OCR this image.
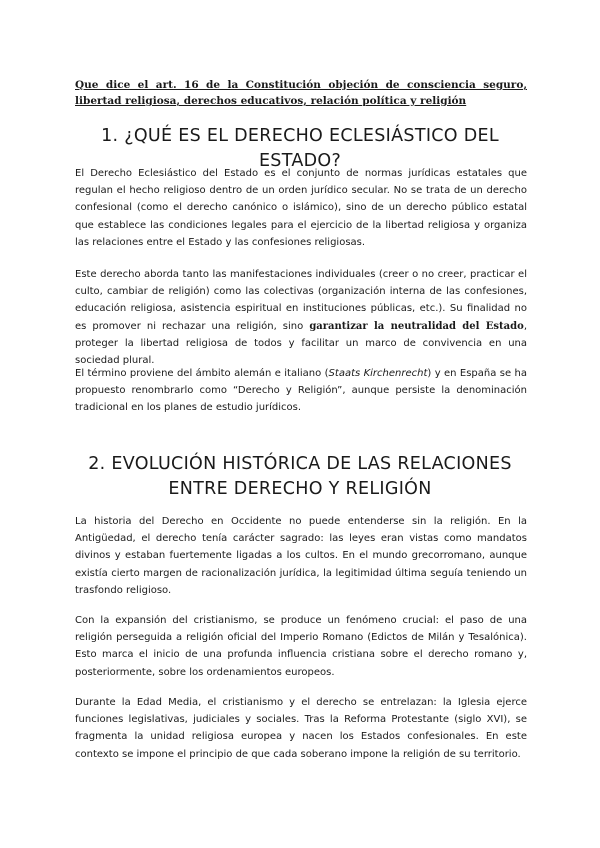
Que dice el art. 16 de la Constitución objeción de consciencia seguro, libertad religiosa, derechos educativos, relación política y religión
1. ¿QUÉ ES EL DERECHO ECLESIÁSTICO DEL ESTADO?

El Derecho Eclesiástico del Estado es el conjunto de normas jurídicas estatales que regulan el hecho religioso dentro de un orden jurídico secular. No se trata de un derecho confesional (como el derecho canónico o islámico), sino de un derecho público estatal que establece las condiciones legales para el ejercicio de la libertad religiosa y organiza las relaciones entre el Estado y las confesiones religiosas.

Este derecho aborda tanto las manifestaciones individuales (creer o no creer, practicar el culto, cambiar de religión) como las colectivas (organización interna de las confesiones, educación religiosa, asistencia espiritual en instituciones públicas, etc.). Su finalidad no es promover ni rechazar una religión, sino garantizar la neutralidad del Estado, proteger la libertad religiosa de todos y facilitar un marco de convivencia en una sociedad plural.

El término proviene del ámbito alemán e italiano (Staats Kirchenrecht) y en España se ha propuesto renombrarlo como “Derecho y Religión”, aunque persiste la denominación tradicional en los planes de estudio jurídicos.

2. EVOLUCIÓN HISTÓRICA DE LAS RELACIONES ENTRE DERECHO Y RELIGIÓN

La historia del Derecho en Occidente no puede entenderse sin la religión. En la Antigüedad, el derecho tenía carácter sagrado: las leyes eran vistas como mandatos divinos y estaban fuertemente ligadas a los cultos. En el mundo grecorromano, aunque existía cierto margen de racionalización jurídica, la legitimidad última seguía teniendo un trasfondo religioso.

Con la expansión del cristianismo, se produce un fenómeno crucial: el paso de una religión perseguida a religión oficial del Imperio Romano (Edictos de Milán y Tesalónica). Esto marca el inicio de una profunda influencia cristiana sobre el derecho romano y, posteriormente, sobre los ordenamientos europeos.

Durante la Edad Media, el cristianismo y el derecho se entrelazan: la Iglesia ejerce funciones legislativas, judiciales y sociales. Tras la Reforma Protestante (siglo XVI), se fragmenta la unidad religiosa europea y nacen los Estados confesionales. En este contexto se impone el principio de que cada soberano impone la religión de su territorio.
